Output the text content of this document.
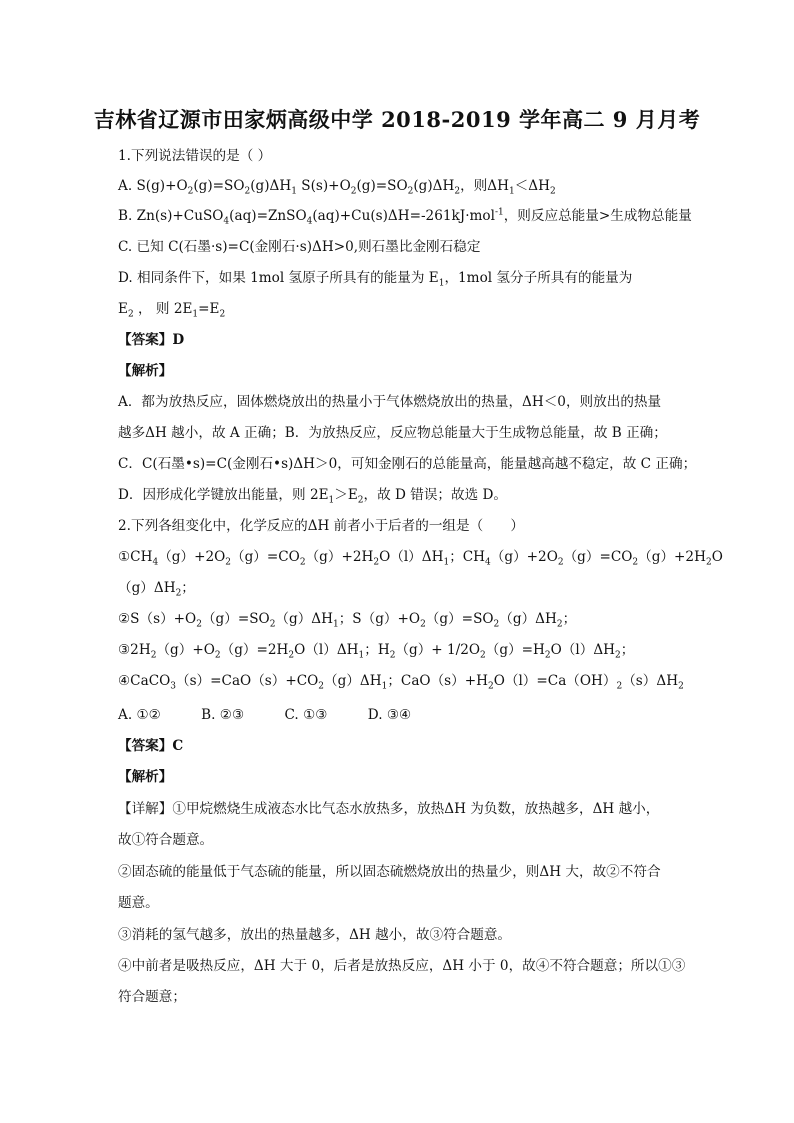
吉林省辽源市田家炳高级中学 2018-2019 学年高二 9 月月考
1.下列说法错误的是（ ）
A. $S(g)+O_2(g)=SO_2(g)\Delta H_1$ $S(s)+O_2(g)=SO_2(g)\Delta H_2$，则$\Delta H_1<\Delta H_2$
B. Zn(s)+CuSO$_4$(aq)=ZnSO$_4$(aq)+Cu(s)ΔH=-261kJ·mol$^{-1}$，则反应总能量>生成物总能量
C. 已知 C(石墨·s)=C(金刚石·s)ΔH>0,则石墨比金刚石稳定
D. 相同条件下，如果 1mol 氢原子所具有的能量为 $E_1$，1mol 氢分子所具有的能量为
$E_2$ ， 则 $2E_1=E_2$
【答案】D
【解析】
A．都为放热反应，固体燃烧放出的热量小于气体燃烧放出的热量，ΔH＜0，则放出的热量
越多ΔH 越小，故 A 正确；B．为放热反应，反应物总能量大于生成物总能量，故 B 正确；
C．C(石墨•s)=C(金刚石•s)ΔH＞0，可知金刚石的总能量高，能量越高越不稳定，故 C 正确；
D．因形成化学键放出能量，则 $2E_1>E_2$，故 D 错误；故选 D。
2.下列各组变化中，化学反应的ΔH 前者小于后者的一组是（　　）
$①CH_4(g)+2O_2(g)=CO_2(g)+2H_2O(l)\Delta H_1$；$CH_4(g)+2O_2(g)=CO_2(g)+2H_2O$
$(g)\Delta H_2$；
$②S(s)+O_2(g)=SO_2(g)\Delta H_1$；$S(g)+O_2(g)=SO_2(g)\Delta H_2$；
$③2H_2(g)+O_2(g)=2H_2O(l)\Delta H_1$；$H_2(g)+ 1/2O_2(g)=H_2O(l)\Delta H_2$；
$④CaCO_3(s)=CaO(s)+CO_2(g)\Delta H_1$；$CaO(s)+H_2O(l)=Ca(OH)_2(s)\Delta H_2$
A. ①②	B. ②③	C. ①③	D. ③④
【答案】C
【解析】
【详解】①甲烷燃烧生成液态水比气态水放热多，放热ΔH 为负数，放热越多，ΔH 越小，
故①符合题意。
②固态硫的能量低于气态硫的能量，所以固态硫燃烧放出的热量少，则ΔH 大，故②不符合
题意。
③消耗的氢气越多，放出的热量越多，ΔH 越小，故③符合题意。
④中前者是吸热反应，ΔH 大于 0，后者是放热反应，ΔH 小于 0，故④不符合题意；所以①③
符合题意；
